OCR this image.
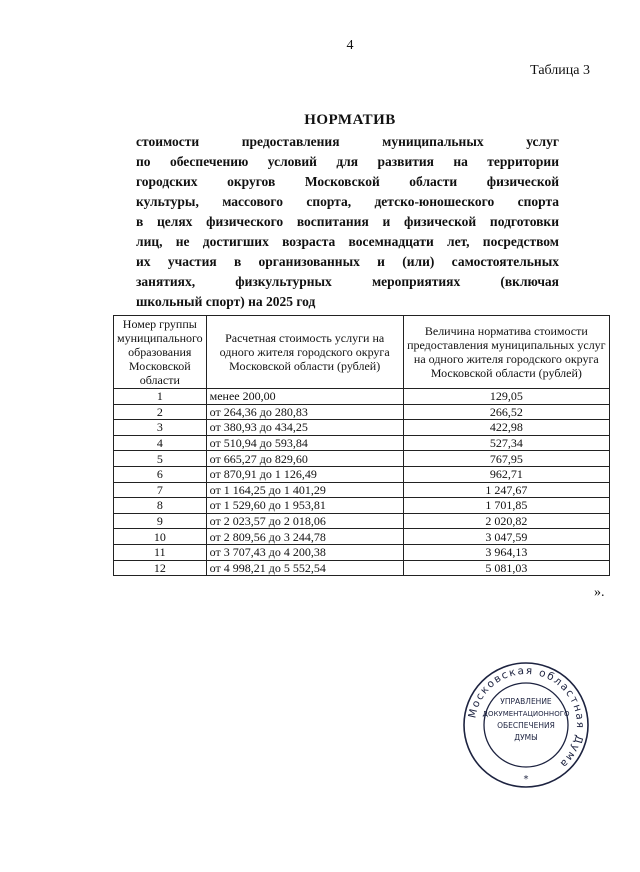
4
Таблица 3
НОРМАТИВ
стоимости предоставления муниципальных услуг
по обеспечению условий для развития на территории
городских округов Московской области физической
культуры, массового спорта, детско-юношеского спорта
в целях физического воспитания и физической подготовки
лиц, не достигших возраста восемнадцати лет, посредством
их участия в организованных и (или) самостоятельных
занятиях, физкультурных мероприятиях (включая
школьный спорт) на 2025 год
Номер группы муниципального образования Московской области	Расчетная стоимость услуги на одного жителя городского округа Московской области (рублей)	Величина норматива стоимости предоставления муниципальных услуг на одного жителя городского округа Московской области (рублей)
1	менее 200,00	129,05
2	от 264,36 до 280,83	266,52
3	от 380,93 до 434,25	422,98
4	от 510,94 до 593,84	527,34
5	от 665,27 до 829,60	767,95
6	от 870,91 до 1 126,49	962,71
7	от 1 164,25 до 1 401,29	1 247,67
8	от 1 529,60 до 1 953,81	1 701,85
9	от 2 023,57 до 2 018,06	2 020,82
10	от 2 809,56 до 3 244,78	3 047,59
11	от 3 707,43 до 4 200,38	3 964,13
12	от 4 998,21 до 5 552,54	5 081,03
».
Московская областная Дума
УПРАВЛЕНИЕ
ДОКУМЕНТАЦИОННОГО
ОБЕСПЕЧЕНИЯ
ДУМЫ
*
